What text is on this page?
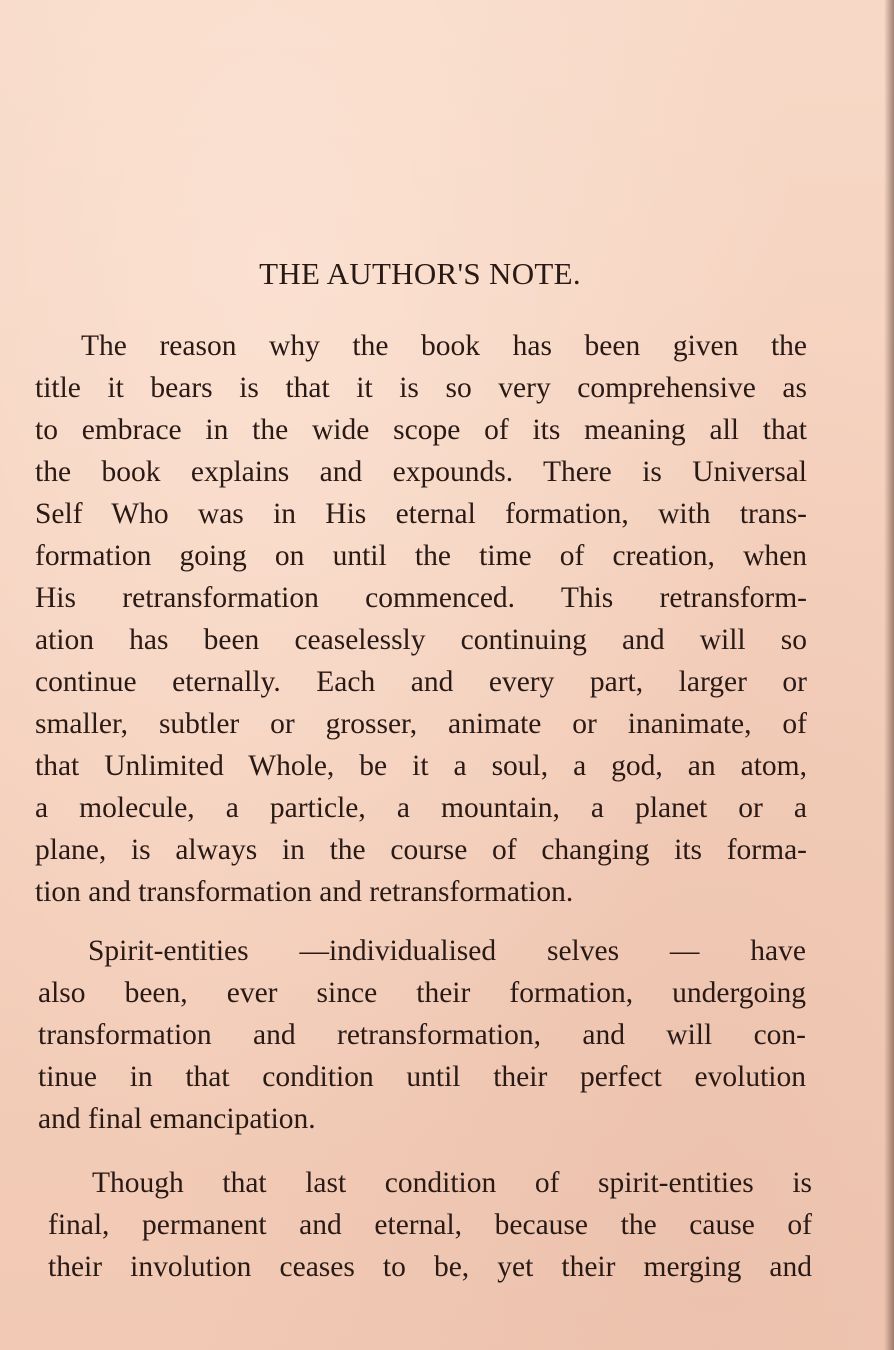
THE AUTHOR'S NOTE.
The reason why the book has been given the
title it bears is that it is so very comprehensive as
to embrace in the wide scope of its meaning all that
the book explains and expounds. There is Universal
Self Who was in His eternal formation, with trans-
formation going on until the time of creation, when
His retransformation commenced. This retransform-
ation has been ceaselessly continuing and will so
continue eternally. Each and every part, larger or
smaller, subtler or grosser, animate or inanimate, of
that Unlimited Whole, be it a soul, a god, an atom,
a molecule, a particle, a mountain, a planet or a
plane, is always in the course of changing its forma-
tion and transformation and retransformation.
Spirit-entities —individualised selves — have
also been, ever since their formation, undergoing
transformation and retransformation, and will con-
tinue in that condition until their perfect evolution
and final emancipation.
Though that last condition of spirit-entities is
final, permanent and eternal, because the cause of
their involution ceases to be, yet their merging and
